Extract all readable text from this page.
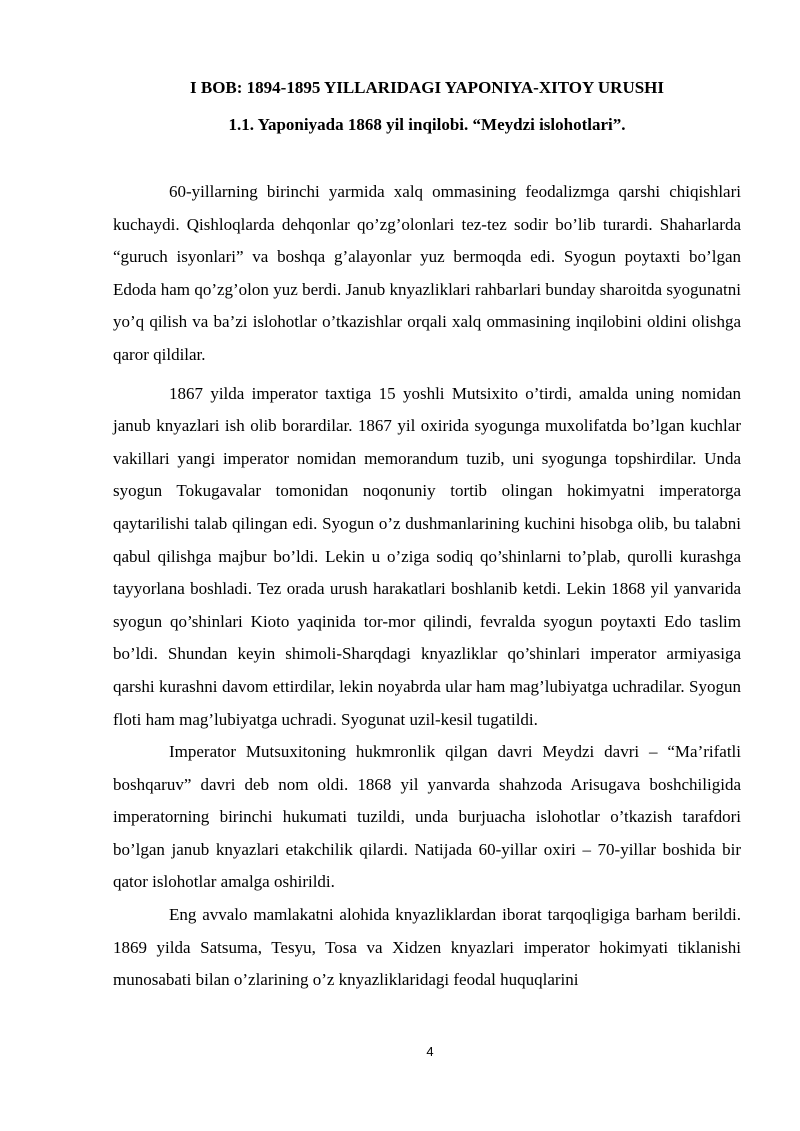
I BOB: 1894-1895 YILLARIDAGI YAPONIYA-XITOY URUSHI
1.1. Yaponiyada 1868 yil inqilobi. “Meydzi islohotlari”.

60-yillarning birinchi yarmida xalq ommasining feodalizmga qarshi chiqishlari kuchaydi. Qishloqlarda dehqonlar qo’zg’olonlari tez-tez sodir bo’lib turardi. Shaharlarda “guruch isyonlari” va boshqa g’alayonlar yuz bermoqda edi. Syogun poytaxti bo’lgan Edoda ham qo’zg’olon yuz berdi. Janub knyazliklari rahbarlari bunday sharoitda syogunatni yo’q qilish va ba’zi islohotlar o’tkazishlar orqali xalq ommasining inqilobini oldini olishga qaror qildilar.

1867 yilda imperator taxtiga 15 yoshli Mutsixito o’tirdi, amalda uning nomidan janub knyazlari ish olib borardilar. 1867 yil oxirida syogunga muxolifatda bo’lgan kuchlar vakillari yangi imperator nomidan memorandum tuzib, uni syogunga topshirdilar. Unda syogun Tokugavalar tomonidan noqonuniy tortib olingan hokimyatni imperatorga qaytarilishi talab qilingan edi. Syogun o’z dushmanlarining kuchini hisobga olib, bu talabni qabul qilishga majbur bo’ldi. Lekin u o’ziga sodiq qo’shinlarni to’plab, qurolli kurashga tayyorlana boshladi. Tez orada urush harakatlari boshlanib ketdi. Lekin 1868 yil yanvarida syogun qo’shinlari Kioto yaqinida tor-mor qilindi, fevralda syogun poytaxti Edo taslim bo’ldi. Shundan keyin shimoli-Sharqdagi knyazliklar qo’shinlari imperator armiyasiga qarshi kurashni davom ettirdilar, lekin noyabrda ular ham mag’lubiyatga uchradilar. Syogun floti ham mag’lubiyatga uchradi. Syogunat uzil-kesil tugatildi.

Imperator Mutsuxitoning hukmronlik qilgan davri Meydzi davri – “Ma’rifatli boshqaruv” davri deb nom oldi. 1868 yil yanvarda shahzoda Arisugava boshchiligida imperatorning birinchi hukumati tuzildi, unda burjuacha islohotlar o’tkazish tarafdori bo’lgan janub knyazlari etakchilik qilardi. Natijada 60-yillar oxiri – 70-yillar boshida bir qator islohotlar amalga oshirildi.

Eng avvalo mamlakatni alohida knyazliklardan iborat tarqoqligiga barham berildi. 1869 yilda Satsuma, Tesyu, Tosa va Xidzen knyazlari imperator hokimyati tiklanishi munosabati bilan o’zlarining o’z knyazliklaridagi feodal huquqlarini

4
